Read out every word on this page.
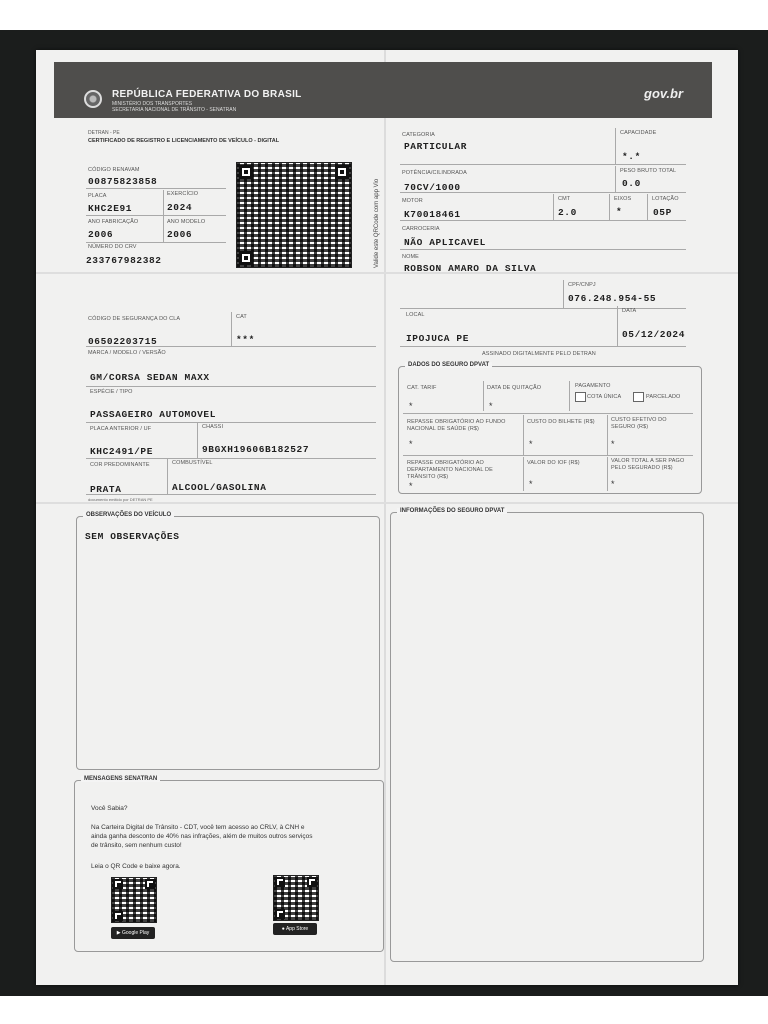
REPÚBLICA FEDERATIVA DO BRASIL
MINISTÉRIO DOS TRANSPORTES
SECRETARIA NACIONAL DE TRÂNSITO - SENATRAN
gov.br
DETRAN - PE
CERTIFICADO DE REGISTRO E LICENCIAMENTO DE VEÍCULO - DIGITAL
CÓDIGO RENAVAM
00875823858
PLACA
KHC2E91
EXERCÍCIO
2024
ANO FABRICAÇÃO
2006
ANO MODELO
2006
NÚMERO DO CRV
233767982382	Valide este QRCode com app Vio
CATEGORIA
PARTICULAR
CAPACIDADE
*.*
POTÊNCIA/CILINDRADA
70CV/1000
PESO BRUTO TOTAL
0.0
MOTOR
K70018461
CMT
2.0
EIXOS
*
LOTAÇÃO
05P
CARROCERIA
NÃO APLICAVEL
NOME
ROBSON AMARO DA SILVA
CPF/CNPJ
076.248.954-55
LOCAL
IPOJUCA PE
DATA
05/12/2024
ASSINADO DIGITALMENTE PELO DETRAN
DADOS DO SEGURO DPVAT
CAT. TARIF
*
DATA DE QUITAÇÃO
*
PAGAMENTO
COTA ÚNICA	PARCELADO
REPASSE OBRIGATÓRIO AO FUNDO NACIONAL DE SAÚDE (R$)
*
CUSTO DO BILHETE (R$)
*
CUSTO EFETIVO DO SEGURO (R$)
*
REPASSE OBRIGATÓRIO AO DEPARTAMENTO NACIONAL DE TRÂNSITO (R$)
*
VALOR DO IOF (R$)
*
VALOR TOTAL A SER PAGO PELO SEGURADO (R$)
*
CÓDIGO DE SEGURANÇA DO CLA
06502203715
CAT
***
MARCA / MODELO / VERSÃO
GM/CORSA SEDAN MAXX
ESPÉCIE / TIPO
PASSAGEIRO AUTOMOVEL
PLACA ANTERIOR / UF
KHC2491/PE
CHASSI
9BGXH19606B182527
COR PREDOMINANTE
PRATA
COMBUSTÍVEL
ALCOOL/GASOLINA
documento emitido por DETRAN PE
OBSERVAÇÕES DO VEÍCULO
SEM OBSERVAÇÕES
MENSAGENS SENATRAN
Você Sabia?
Na Carteira Digital de Trânsito - CDT, você tem acesso ao CRLV, à CNH e ainda ganha desconto de 40% nas infrações, além de muitos outros serviços de trânsito, sem nenhum custo!
Leia o QR Code e baixe agora.
▶ Google Play
● App Store
INFORMAÇÕES DO SEGURO DPVAT
